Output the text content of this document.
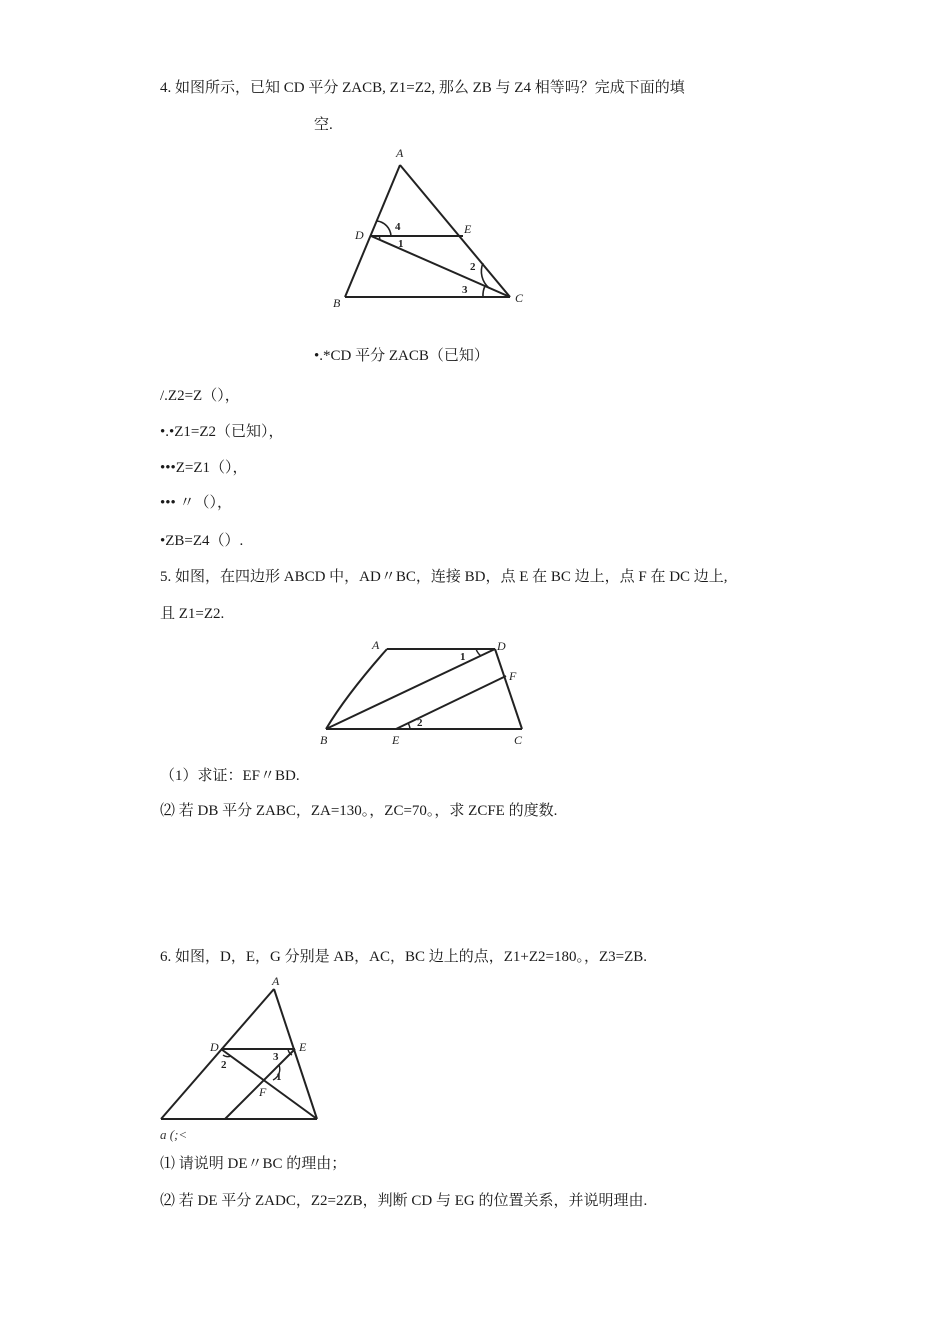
4. 如图所示，已知 CD 平分 ZACB, Z1=Z2, 那么 ZB 与 Z4 相等吗？完成下面的填
空.
A
B	C
D	E
4
1
2
3
•.*CD 平分 ZACB（已知）
/.Z2=Z（），
•.•Z1=Z2（已知），
•••Z=Z1（），
••• 〃（），
•ZB=Z4（）.
5. 如图，在四边形 ABCD 中，AD〃BC，连接 BD，点 E 在 BC 边上，点 F 在 DC 边上,
且 Z1=Z2.
A	D
F
B	E	C
1
2
（1）求证：EF〃BD.
⑵ 若 DB 平分 ZABC，ZA=130。，ZC=70。，求 ZCFE 的度数.
6. 如图，D，E，G 分别是 AB，AC，BC 边上的点，Z1+Z2=180。，Z3=ZB.
A
D	E
F
2
3
1
a (;<
⑴ 请说明 DE〃BC 的理由；
⑵ 若 DE 平分 ZADC，Z2=2ZB，判断 CD 与 EG 的位置关系，并说明理由.
